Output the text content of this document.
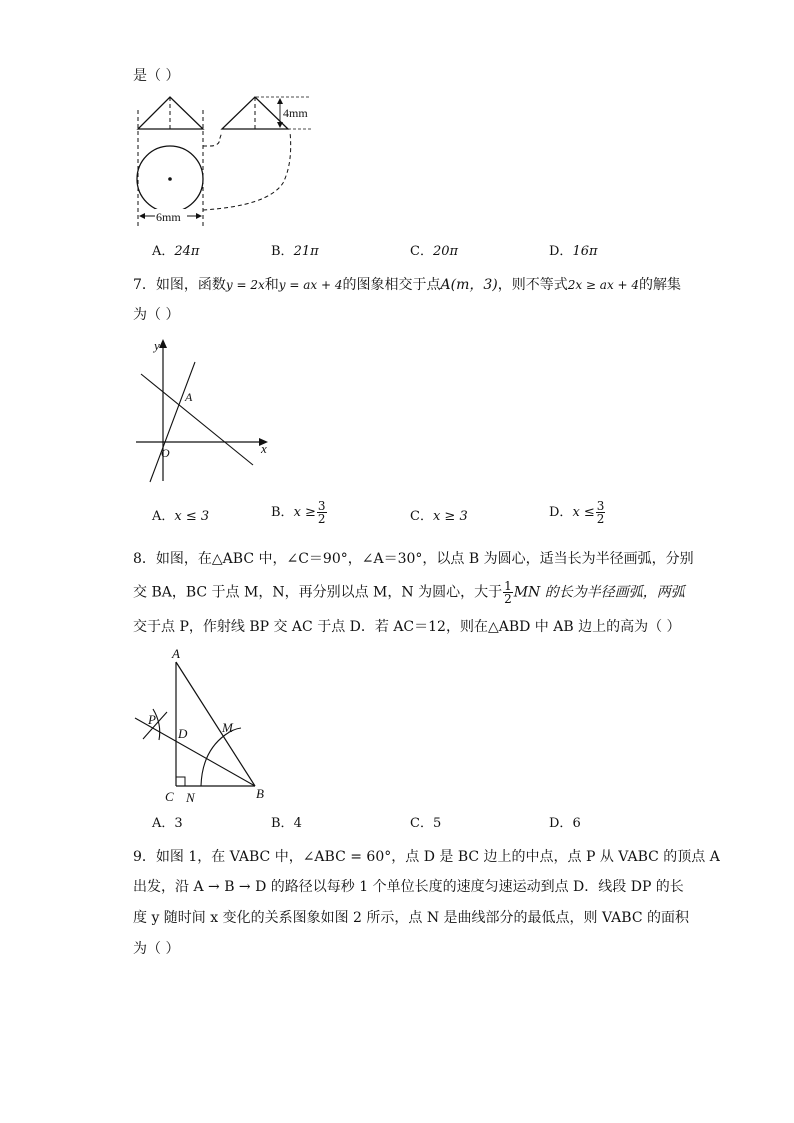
是（ ）
4mm
6mm
A．24π	B．21π	C．20π	D．16π
7．如图，函数y = 2x和y = ax + 4的图象相交于点A(m，3)，则不等式2x ≥ ax + 4的解集
为（ ）
y
x
O
A
A．x ≤ 3	B．$x \ge \frac{3}{2}$	C．x ≥ 3	D．$x \le \frac{3}{2}$
8．如图，在△ABC 中，∠C＝90°，∠A＝30°，以点 B 为圆心，适当长为半径画弧，分别
交 BA，BC 于点 M，N，再分别以点 M，N 为圆心，大于 $\frac{1}{2}$ MN 的长为半径画弧，两弧
交于点 P，作射线 BP 交 AC 于点 D．若 AC＝12，则在△ABD 中 AB 边上的高为（ ）
A
B
C
D	M
N
P
A．3	B．4	C．5	D．6
9．如图 1，在 VABC 中，∠ABC = 60°，点 D 是 BC 边上的中点，点 P 从 VABC 的顶点 A
出发，沿 A → B → D 的路径以每秒 1 个单位长度的速度匀速运动到点 D．线段 DP 的长
度 y 随时间 x 变化的关系图象如图 2 所示，点 N 是曲线部分的最低点，则 VABC 的面积
为（ ）
